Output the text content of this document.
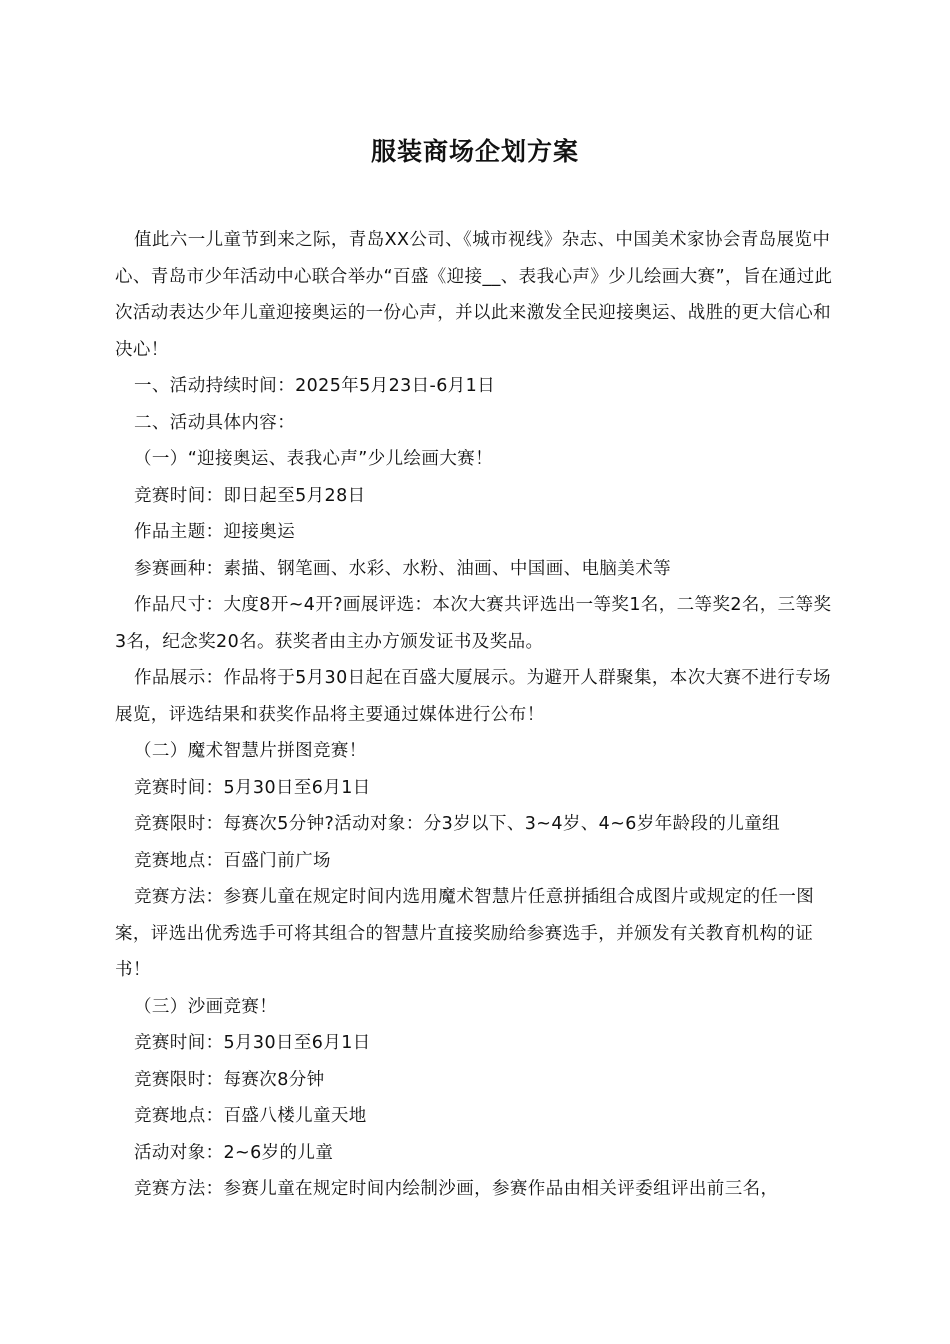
服装商场企划方案

值此六一儿童节到来之际，青岛XX公司、《城市视线》杂志、中国美术家协会青岛展览中心、青岛市少年活动中心联合举办“百盛《迎接__、表我心声》少儿绘画大赛”，旨在通过此次活动表达少年儿童迎接奥运的一份心声，并以此来激发全民迎接奥运、战胜的更大信心和决心！

一、活动持续时间：2025年5月23日-6月1日

二、活动具体内容：

（一）“迎接奥运、表我心声”少儿绘画大赛！

竞赛时间：即日起至5月28日

作品主题：迎接奥运

参赛画种：素描、钢笔画、水彩、水粉、油画、中国画、电脑美术等

作品尺寸：大度8开~4开?画展评选：本次大赛共评选出一等奖1名，二等奖2名，三等奖3名，纪念奖20名。获奖者由主办方颁发证书及奖品。

作品展示：作品将于5月30日起在百盛大厦展示。为避开人群聚集，本次大赛不进行专场展览，评选结果和获奖作品将主要通过媒体进行公布！

（二）魔术智慧片拼图竞赛！

竞赛时间：5月30日至6月1日

竞赛限时：每赛次5分钟?活动对象：分3岁以下、3~4岁、4~6岁年龄段的儿童组

竞赛地点：百盛门前广场

竞赛方法：参赛儿童在规定时间内选用魔术智慧片任意拼插组合成图片或规定的任一图案，评选出优秀选手可将其组合的智慧片直接奖励给参赛选手，并颁发有关教育机构的证书！

（三）沙画竞赛！

竞赛时间：5月30日至6月1日

竞赛限时：每赛次8分钟

竞赛地点：百盛八楼儿童天地

活动对象：2~6岁的儿童

竞赛方法：参赛儿童在规定时间内绘制沙画，参赛作品由相关评委组评出前三名，
